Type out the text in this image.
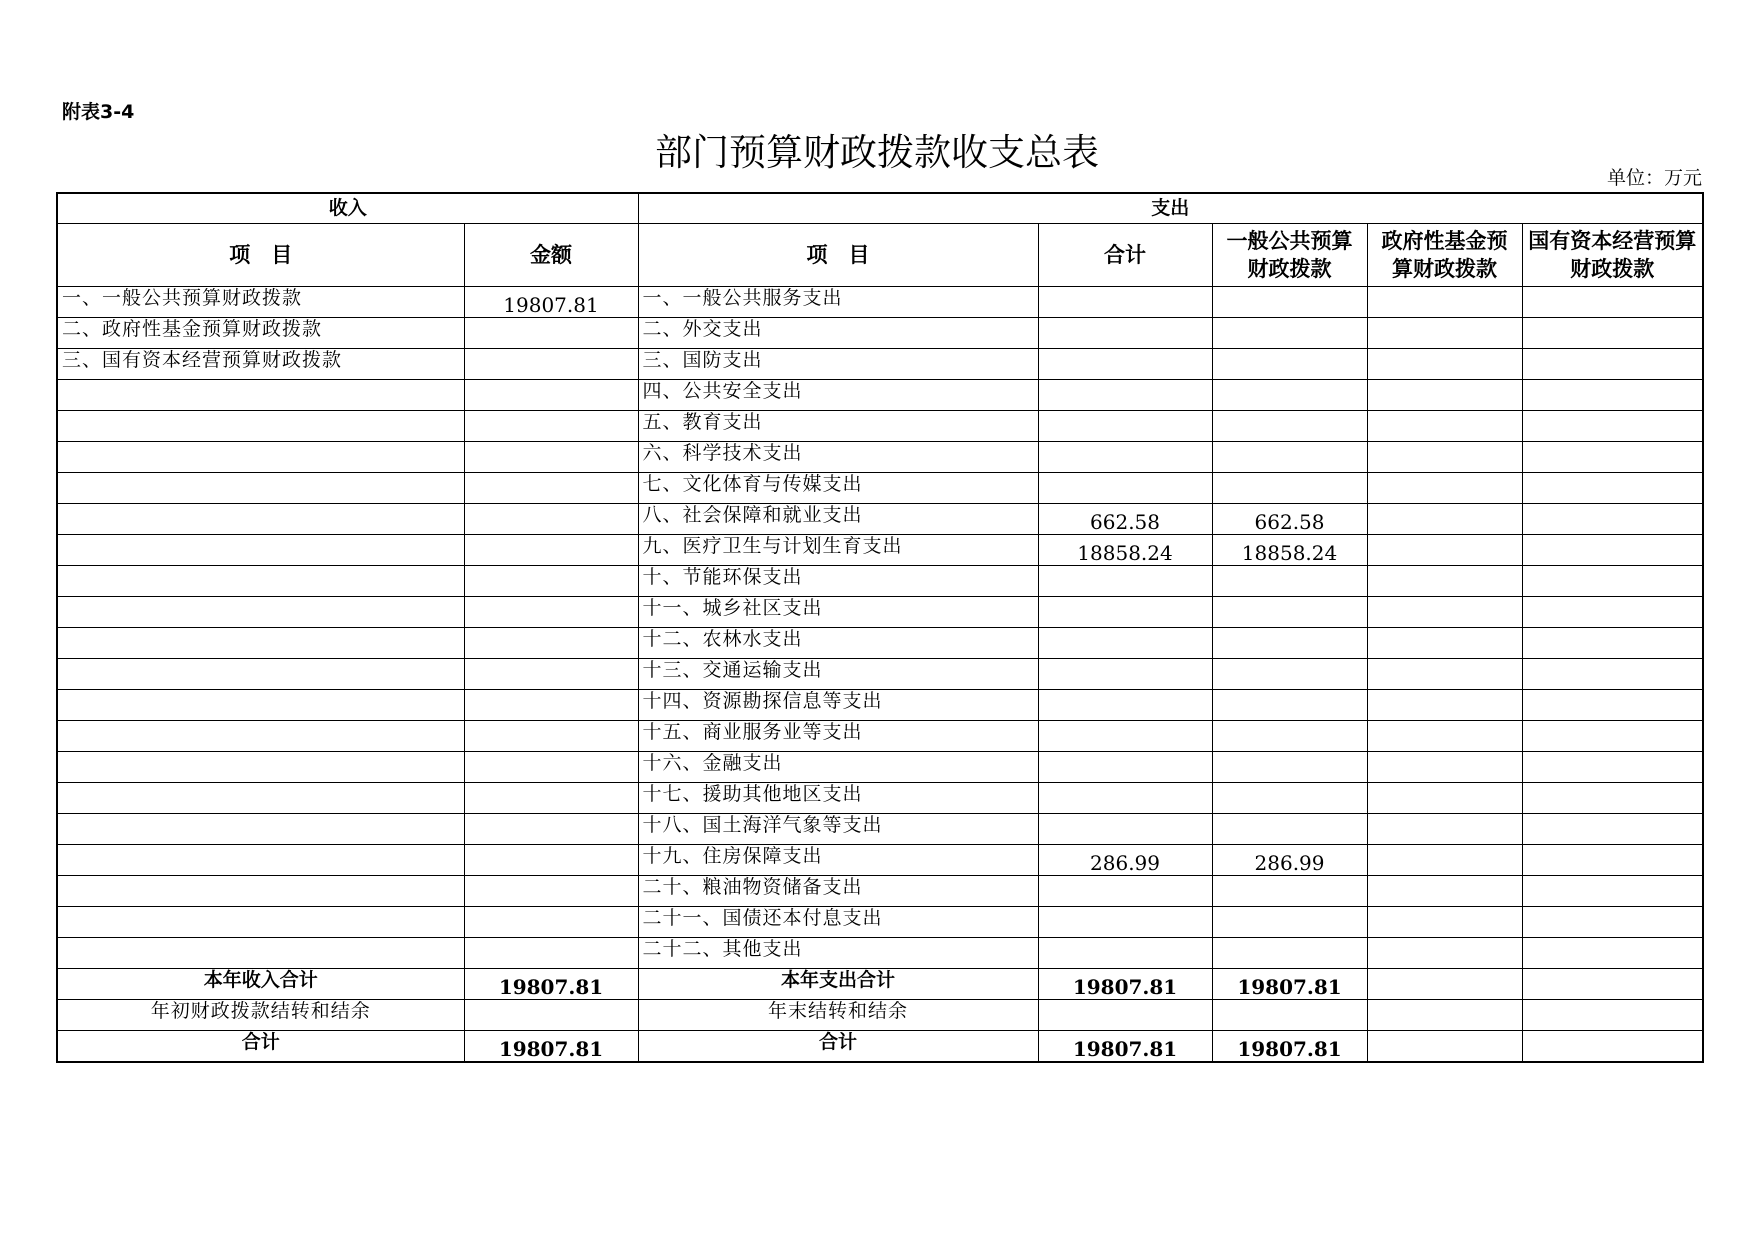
附表3-4
部门预算财政拨款收支总表
单位：万元
收入		支出				
项　目	金额	项　目	合计	一般公共预算财政拨款	政府性基金预算财政拨款	国有资本经营预算财政拨款
一、一般公共预算财政拨款	19807.81	一、一般公共服务支出				
二、政府性基金预算财政拨款		二、外交支出				
三、国有资本经营预算财政拨款		三、国防支出				
		四、公共安全支出				
		五、教育支出				
		六、科学技术支出				
		七、文化体育与传媒支出				
		八、社会保障和就业支出	662.58	662.58		
		九、医疗卫生与计划生育支出	18858.24	18858.24		
		十、节能环保支出				
		十一、城乡社区支出				
		十二、农林水支出				
		十三、交通运输支出				
		十四、资源勘探信息等支出				
		十五、商业服务业等支出				
		十六、金融支出				
		十七、援助其他地区支出				
		十八、国土海洋气象等支出				
		十九、住房保障支出	286.99	286.99		
		二十、粮油物资储备支出				
		二十一、国债还本付息支出				
		二十二、其他支出				
本年收入合计	19807.81	本年支出合计	19807.81	19807.81		
年初财政拨款结转和结余		年末结转和结余				
合计	19807.81	合计	19807.81	19807.81		
